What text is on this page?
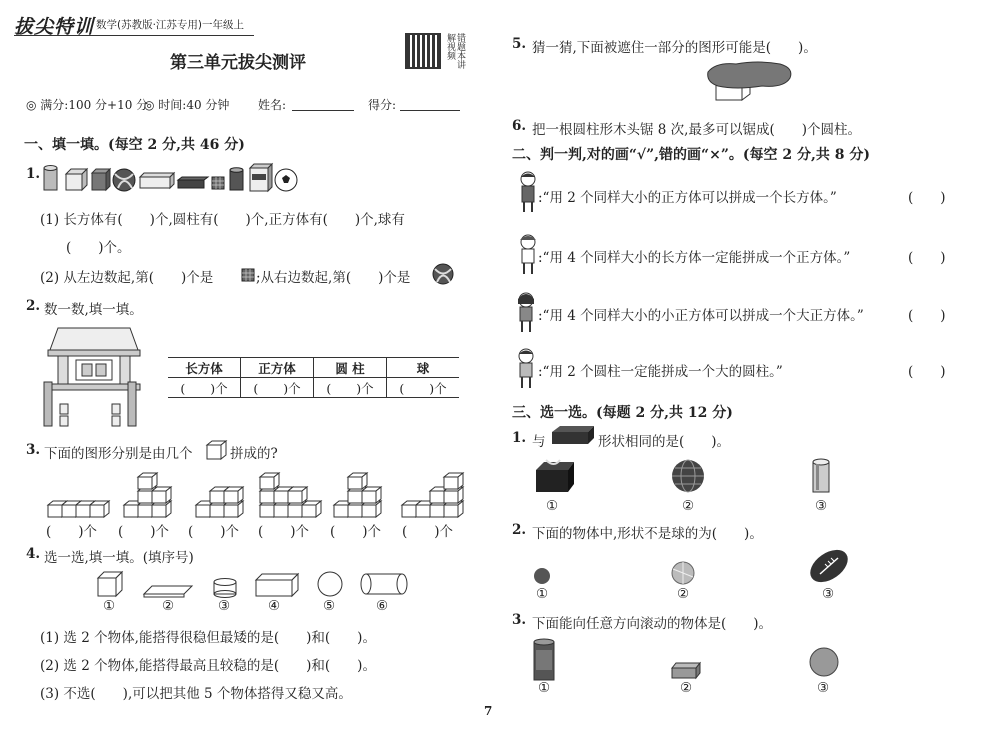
拔尖特训 数学(苏教版·江苏专用)一年级上
错题本讲解视频
第三单元拔尖测评
◎ 满分:100 分+10 分
◎ 时间:40 分钟 姓名:	得分:
一、填一填。(每空 2 分,共 46 分)
1.
(1) 长方体有(　　)个,圆柱有(　　)个,正方体有(　　)个,球有
(　　)个。
(2) 从左边数起,第(　　)个是	;从右边数起,第(　　)个是
2. 数一数,填一填。
长方体	正方体	圆 柱	球
(　　)个	(　　)个	(　　)个	(　　)个
3. 下面的图形分别是由几个	拼成的?
(　　)个 (　　)个 (　　)个 (　　)个 (　　)个 (　　)个
4. 选一选,填一填。(填序号)
①	②	③	④	⑤	⑥
(1) 选 2 个物体,能搭得很稳但最矮的是(　　)和(　　)。
(2) 选 2 个物体,能搭得最高且较稳的是(　　)和(　　)。
(3) 不选(　　),可以把其他 5 个物体搭得又稳又高。
5. 猜一猜,下面被遮住一部分的图形可能是(　　)。
6. 把一根圆柱形木头锯 8 次,最多可以锯成(　　)个圆柱。
二、判一判,对的画“√”,错的画“×”。(每空 2 分,共 8 分)
:“用 2 个同样大小的正方体可以拼成一个长方体。”	(　　)
:“用 4 个同样大小的长方体一定能拼成一个正方体。”	(　　)
:“用 4 个同样大小的小正方体可以拼成一个大正方体。”	(　　)
:“用 2 个圆柱一定能拼成一个大的圆柱。”	(　　)
三、选一选。(每题 2 分,共 12 分)
1. 与	形状相同的是(　　)。
①	②	③
2. 下面的物体中,形状不是球的为(　　)。
①	②	③
3. 下面能向任意方向滚动的物体是(　　)。
①	②	③
7
